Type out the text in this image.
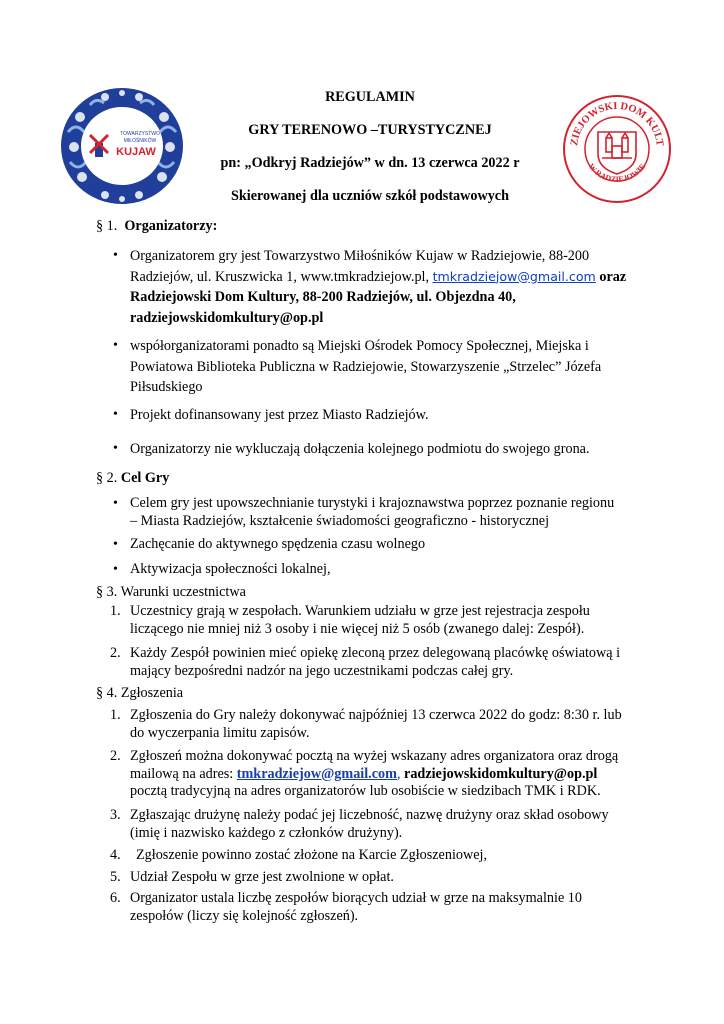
TOWARZYSTWO
MIŁOŚNIKÓW
KUJAW
ZIEJOWSKI DOM KULT
W RADZIEJOWIE
REGULAMIN
GRY TERENOWO –TURYSTYCZNEJ
pn: „Odkryj Radziejów” w dn. 13 czerwca 2022 r
Skierowanej dla uczniów szkół podstawowych
§ 1. Organizatorzy:
• Organizatorem gry jest Towarzystwo Miłośników Kujaw w Radziejowie, 88-200
Radziejów, ul. Kruszwicka 1, www.tmkradziejow.pl, tmkradziejow@gmail.com oraz
Radziejowski Dom Kultury, 88-200 Radziejów, ul. Objezdna 40,
radziejowskidomkultury@op.pl
• współorganizatorami ponadto są Miejski Ośrodek Pomocy Społecznej, Miejska i
Powiatowa Biblioteka Publiczna w Radziejowie, Stowarzyszenie „Strzelec” Józefa
Piłsudskiego
• Projekt dofinansowany jest przez Miasto Radziejów.
• Organizatorzy nie wykluczają dołączenia kolejnego podmiotu do swojego grona.
§ 2. Cel Gry
• Celem gry jest upowszechnianie turystyki i krajoznawstwa poprzez poznanie regionu
– Miasta Radziejów, kształcenie świadomości geograficzno - historycznej
• Zachęcanie do aktywnego spędzenia czasu wolnego
• Aktywizacja społeczności lokalnej,
§ 3. Warunki uczestnictwa
1. Uczestnicy grają w zespołach. Warunkiem udziału w grze jest rejestracja zespołu
liczącego nie mniej niż 3 osoby i nie więcej niż 5 osób (zwanego dalej: Zespół).
2. Każdy Zespół powinien mieć opiekę zleconą przez delegowaną placówkę oświatową i
mający bezpośredni nadzór na jego uczestnikami podczas całej gry.
§ 4. Zgłoszenia
1. Zgłoszenia do Gry należy dokonywać najpóźniej 13 czerwca 2022 do godz: 8:30 r. lub
do wyczerpania limitu zapisów.
2. Zgłoszeń można dokonywać pocztą na wyżej wskazany adres organizatora oraz drogą
mailową na adres: tmkradziejow@gmail.com, radziejowskidomkultury@op.pl
pocztą tradycyjną na adres organizatorów lub osobiście w siedzibach TMK i RDK.
3. Zgłaszając drużynę należy podać jej liczebność, nazwę drużyny oraz skład osobowy
(imię i nazwisko każdego z członków drużyny).
4.	Zgłoszenie powinno zostać złożone na Karcie Zgłoszeniowej,
5. Udział Zespołu w grze jest zwolnione w opłat.
6. Organizator ustala liczbę zespołów biorących udział w grze na maksymalnie 10
zespołów (liczy się kolejność zgłoszeń).
